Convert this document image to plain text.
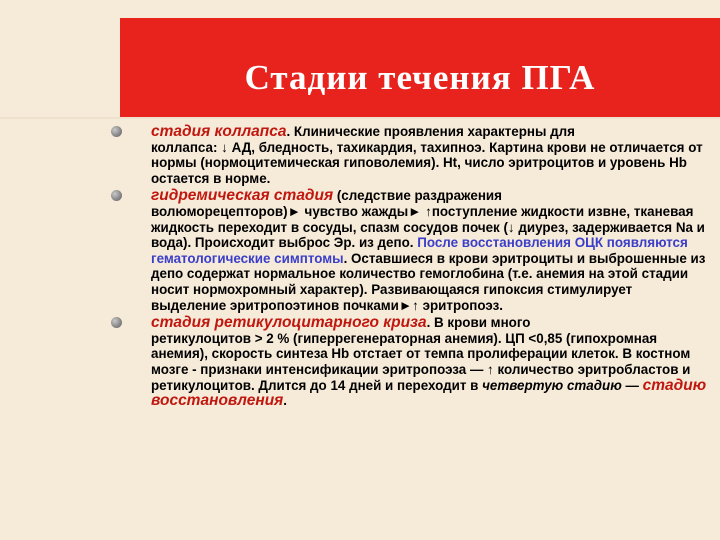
Стадии течения ПГА
стадия коллапса. Клинические проявления характерны для
коллапса: ↓ АД, бледность, тахикардия, тахипноэ. Картина крови не отличается от нормы (нормоцитемическая гиповолемия). Ht, число эритроцитов и уровень Hb остается в норме.
гидремическая стадия (следствие раздражения
волюморецепторов)► чувство жажды► ↑поступление жидкости извне, тканевая жидкость переходит в сосуды, спазм сосудов почек (↓ диурез, задерживается Na и вода). Происходит выброс Эр. из депо. После восстановления ОЦК появляются гематологические симптомы. Оставшиеся в крови эритроциты и выброшенные из депо содержат нормальное количество гемоглобина (т.е. анемия на этой стадии носит нормохромный характер). Развивающаяся гипоксия стимулирует выделение эритропоэтинов почками►↑ эритропоэз.
стадия ретикулоцитарного криза. В крови много
ретикулоцитов > 2 % (гиперрегенераторная анемия). ЦП <0,85 (гипохромная анемия), скорость синтеза Hb отстает от темпа пролиферации клеток. В костном мозге - признаки интенсификации эритропоэза — ↑ количество эритробластов и ретикулоцитов. Длится до 14 дней и переходит в четвертую стадию — стадию восстановления.
